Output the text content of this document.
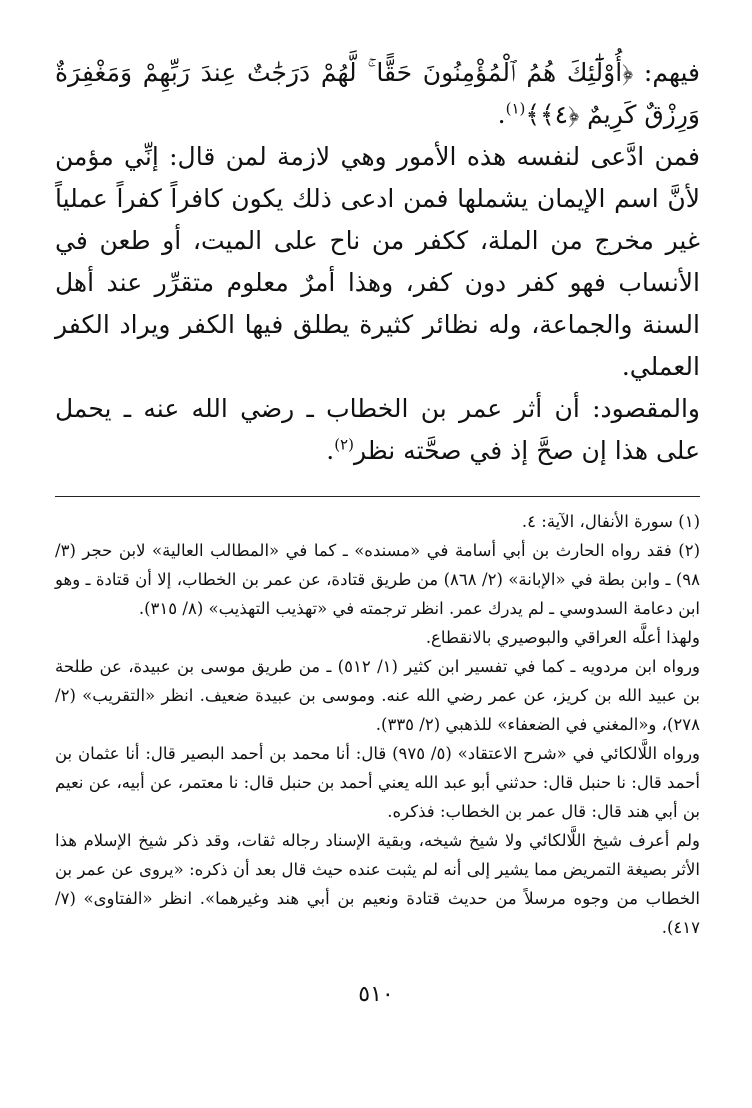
فيهم: ﴿أُوْلَٰٓئِكَ هُمُ ٱلْمُؤْمِنُونَ حَقًّا ۚ لَّهُمْ دَرَجَٰتٌ عِندَ رَبِّهِمْ وَمَغْفِرَةٌ وَرِزْقٌ كَرِيمٌ ﴿٤﴾﴾$^{(١)}$.

فمن ادَّعى لنفسه هذه الأمور وهي لازمة لمن قال: إنِّي مؤمن لأنَّ اسم الإيمان يشملها فمن ادعى ذلك يكون كافراً كفراً عملياً غير مخرج من الملة، ككفر من ناح على الميت، أو طعن في الأنساب فهو كفر دون كفر، وهذا أمرٌ معلوم متقرِّر عند أهل السنة والجماعة، وله نظائر كثيرة يطلق فيها الكفر ويراد الكفر العملي.

والمقصود: أن أثر عمر بن الخطاب ـ رضي الله عنه ـ يحمل على هذا إن صحَّ إذ في صحَّته نظر$^{(٢)}$.

(١) سورة الأنفال، الآية: ٤.

(٢) فقد رواه الحارث بن أبي أسامة في «مسنده» ـ كما في «المطالب العالية» لابن حجر (٣/ ٩٨) ـ وابن بطة في «الإبانة» (٢/ ٨٦٨) من طريق قتادة، عن عمر بن الخطاب، إلا أن قتادة ـ وهو ابن دعامة السدوسي ـ لم يدرك عمر. انظر ترجمته في «تهذيب التهذيب» (٨/ ٣١٥).

ولهذا أعلَّه العراقي والبوصيري بالانقطاع.

ورواه ابن مردويه ـ كما في تفسير ابن كثير (١/ ٥١٢) ـ من طريق موسى بن عبيدة، عن طلحة بن عبيد الله بن كريز، عن عمر رضي الله عنه. وموسى بن عبيدة ضعيف. انظر «التقريب» (٢/ ٢٧٨)، و«المغني في الضعفاء» للذهبي (٢/ ٣٣٥).

ورواه اللَّالكائي في «شرح الاعتقاد» (٥/ ٩٧٥) قال: أنا محمد بن أحمد البصير قال: أنا عثمان بن أحمد قال: نا حنبل قال: حدثني أبو عبد الله يعني أحمد بن حنبل قال: نا معتمر، عن أبيه، عن نعيم بن أبي هند قال: قال عمر بن الخطاب: فذكره.

ولم أعرف شيخ اللَّالكائي ولا شيخ شيخه، وبقية الإسناد رجاله ثقات، وقد ذكر شيخ الإسلام هذا الأثر بصيغة التمريض مما يشير إلى أنه لم يثبت عنده حيث قال بعد أن ذكره: «يروى عن عمر بن الخطاب من وجوه مرسلاً من حديث قتادة ونعيم بن أبي هند وغيرهما». انظر «الفتاوى» (٧/ ٤١٧).

٥١٠
